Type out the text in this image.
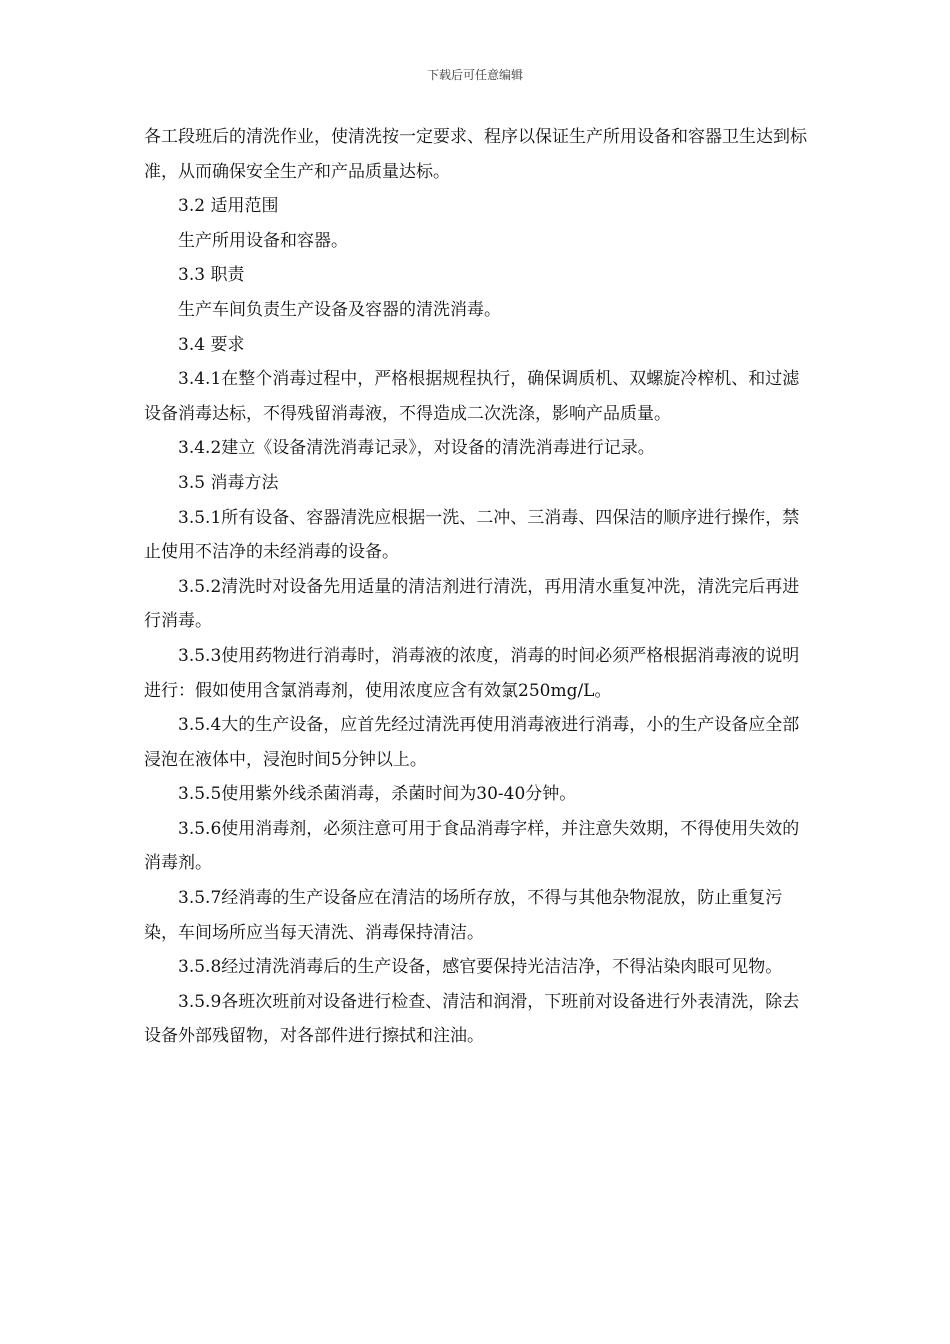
下载后可任意编辑

各工段班后的清洗作业，使清洗按一定要求、程序以保证生产所用设备和容器卫生达到标准，从而确保安全生产和产品质量达标。

3.2 适用范围

生产所用设备和容器。

3.3 职责

生产车间负责生产设备及容器的清洗消毒。

3.4 要求

3.4.1在整个消毒过程中，严格根据规程执行，确保调质机、双螺旋冷榨机、和过滤设备消毒达标，不得残留消毒液，不得造成二次洗涤，影响产品质量。

3.4.2建立《设备清洗消毒记录》，对设备的清洗消毒进行记录。

3.5 消毒方法

3.5.1所有设备、容器清洗应根据一洗、二冲、三消毒、四保洁的顺序进行操作，禁止使用不洁净的未经消毒的设备。

3.5.2清洗时对设备先用适量的清洁剂进行清洗，再用清水重复冲洗，清洗完后再进行消毒。

3.5.3使用药物进行消毒时，消毒液的浓度，消毒的时间必须严格根据消毒液的说明进行：假如使用含氯消毒剂，使用浓度应含有效氯250mg/L。

3.5.4大的生产设备，应首先经过清洗再使用消毒液进行消毒，小的生产设备应全部浸泡在液体中，浸泡时间5分钟以上。

3.5.5使用紫外线杀菌消毒，杀菌时间为30-40分钟。

3.5.6使用消毒剂，必须注意可用于食品消毒字样，并注意失效期，不得使用失效的消毒剂。

3.5.7经消毒的生产设备应在清洁的场所存放，不得与其他杂物混放，防止重复污染，车间场所应当每天清洗、消毒保持清洁。

3.5.8经过清洗消毒后的生产设备，感官要保持光洁洁净，不得沾染肉眼可见物。

3.5.9各班次班前对设备进行检查、清洁和润滑，下班前对设备进行外表清洗，除去设备外部残留物，对各部件进行擦拭和注油。
